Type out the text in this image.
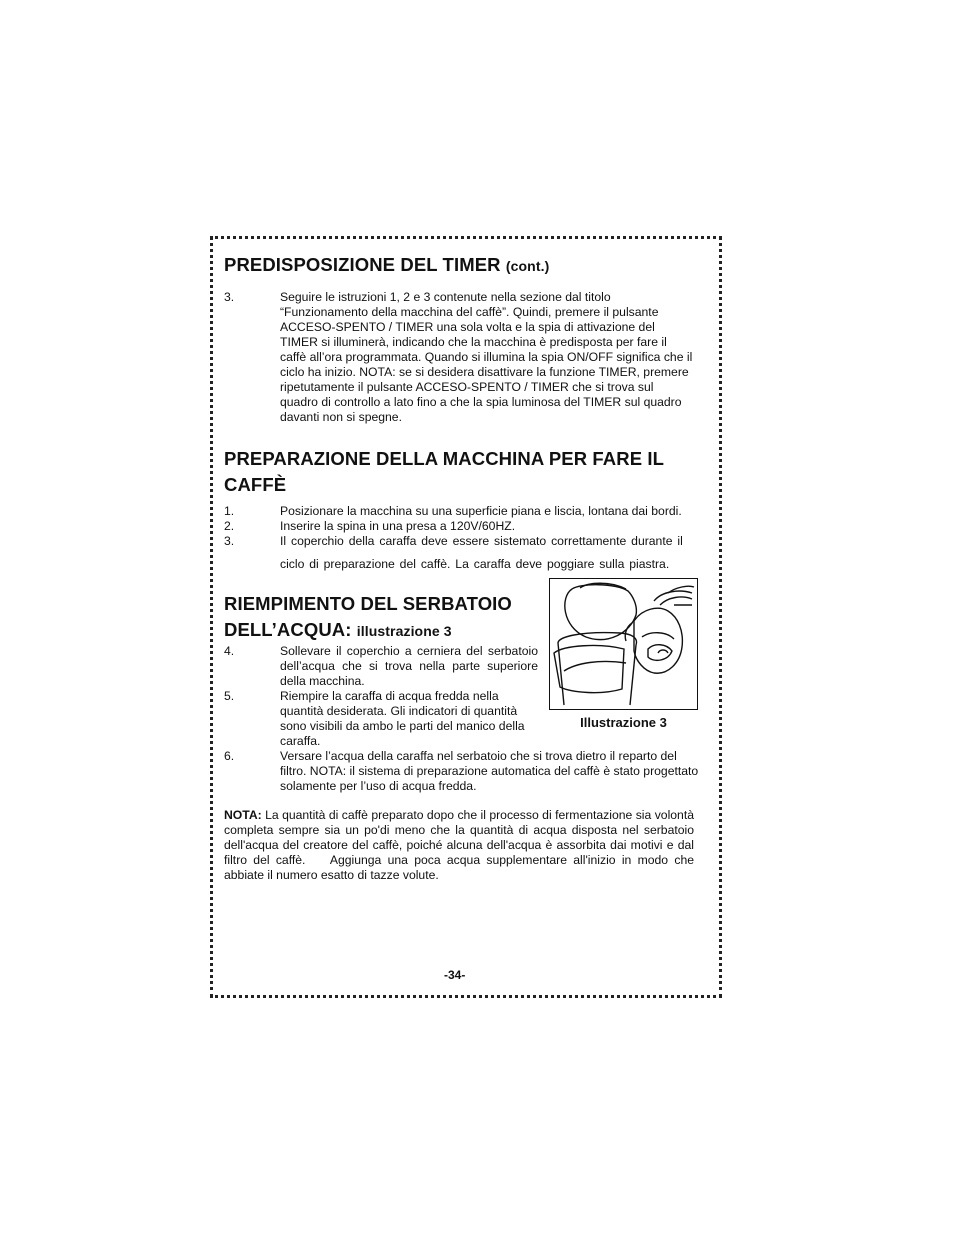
PREDISPOSIZIONE DEL TIMER (cont.)
3.	Seguire le istruzioni 1, 2 e 3 contenute nella sezione dal titolo “Funzionamento della macchina del caffè”. Quindi, premere il pulsante ACCESO-SPENTO / TIMER una sola volta e la spia di attivazione del TIMER si illuminerà, indicando che la macchina è predisposta per fare il caffè all’ora programmata. Quando si illumina la spia ON/OFF significa che il ciclo ha inizio. NOTA: se si desidera disattivare la funzione TIMER, premere ripetutamente il pulsante ACCESO-SPENTO / TIMER che si trova sul quadro di controllo a lato fino a che la spia luminosa del TIMER sul quadro davanti non si spegne.
PREPARAZIONE DELLA MACCHINA PER FARE IL
CAFFÈ
1.	Posizionare la macchina su una superficie piana e liscia, lontana dai bordi.
2.	Inserire la spina in una presa a 120V/60HZ.
3.	Il coperchio della caraffa deve essere sistemato correttamente durante il
ciclo di preparazione del caffè. La caraffa deve poggiare sulla piastra.
RIEMPIMENTO DEL SERBATOIO
DELL’ACQUA: illustrazione 3
4.	Sollevare il coperchio a cerniera del serbatoio dell’acqua che si trova nella parte superiore della macchina.
5.	Riempire la caraffa di acqua fredda nella quantità desiderata. Gli indicatori di quantità sono visibili da ambo le parti del manico della caraffa.
6.	Versare l’acqua della caraffa nel serbatoio che si trova dietro il reparto del filtro. NOTA: il sistema di preparazione automatica del caffè è stato progettato solamente per l’uso di acqua fredda.

NOTA: La quantità di caffè preparato dopo che il processo di fermentazione sia volontà completa sempre sia un po'di meno che la quantità di acqua disposta nel serbatoio dell'acqua del creatore del caffè, poiché alcuna dell'acqua è assorbita dai motivi e dal filtro del caffè.    Aggiunga una poca acqua supplementare all'inizio in modo che abbiate il numero esatto di tazze volute.

Illustrazione 3
-34-
